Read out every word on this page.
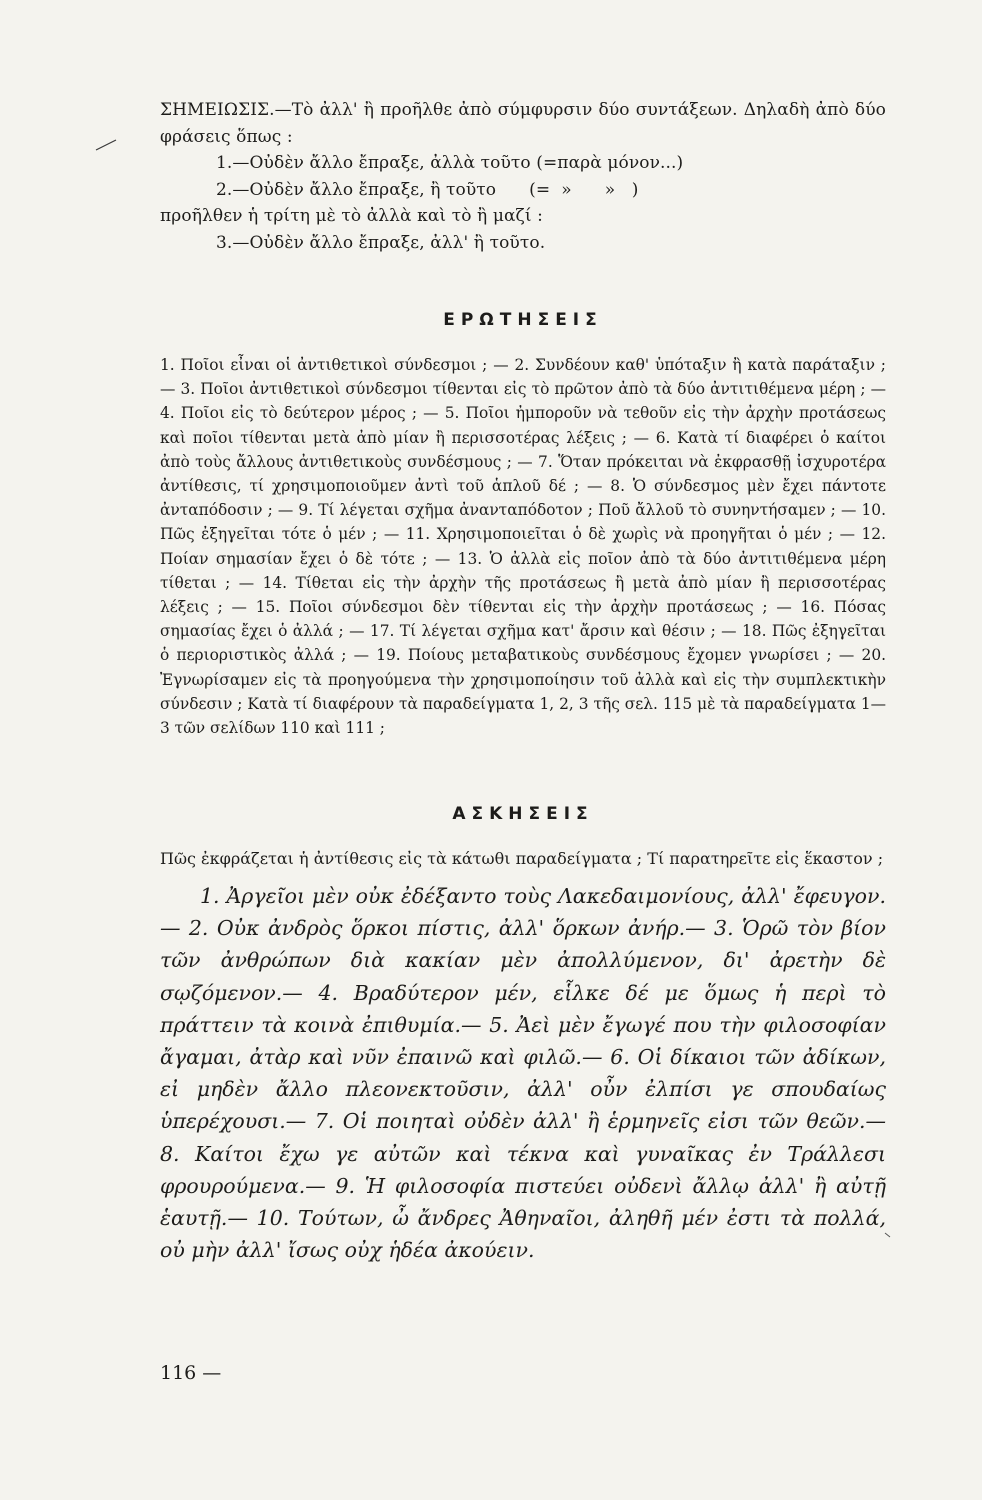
ΣΗΜΕΙΩΣΙΣ.—Τὸ ἀλλ' ἢ προῆλθε ἀπὸ σύμφυρσιν δύο συντάξεων. Δηλαδὴ ἀπὸ δύο φράσεις ὅπως :

1.—Οὐδὲν ἄλλο ἔπραξε, ἀλλὰ τοῦτο (=παρὰ μόνον...)

2.—Οὐδὲν ἄλλο ἔπραξε, ἢ τοῦτο      (=  »      »   )

προῆλθεν ἡ τρίτη μὲ τὸ ἀλλὰ καὶ τὸ ἢ μαζί :

3.—Οὐδὲν ἄλλο ἔπραξε, ἀλλ' ἢ τοῦτο.

ΕΡΩΤΗΣΕΙΣ

1. Ποῖοι εἶναι οἱ ἀντιθετικοὶ σύνδεσμοι ; — 2. Συνδέουν καθ' ὑπόταξιν ἢ κατὰ παράταξιν ; — 3. Ποῖοι ἀντιθετικοὶ σύνδεσμοι τίθενται εἰς τὸ πρῶτον ἀπὸ τὰ δύο ἀντιτιθέμενα μέρη ; — 4. Ποῖοι εἰς τὸ δεύτερον μέρος ; — 5. Ποῖοι ἠμποροῦν νὰ τεθοῦν εἰς τὴν ἀρχὴν προτάσεως καὶ ποῖοι τίθενται μετὰ ἀπὸ μίαν ἢ περισσοτέρας λέξεις ; — 6. Κατὰ τί διαφέρει ὁ καίτοι ἀπὸ τοὺς ἄλλους ἀντιθετικοὺς συνδέσμους ; — 7. Ὅταν πρόκειται νὰ ἐκφρασθῇ ἰσχυροτέρα ἀντίθεσις, τί χρησιμοποιοῦμεν ἀντὶ τοῦ ἁπλοῦ δέ ; — 8. Ὁ σύνδεσμος μὲν ἔχει πάντοτε ἀνταπόδοσιν ; — 9. Τί λέγεται σχῆμα ἀνανταπόδοτον ; Ποῦ ἄλλοῦ τὸ συνηντήσαμεν ; — 10. Πῶς ἐξηγεῖται τότε ὁ μέν ; — 11. Χρησιμοποιεῖται ὁ δὲ χωρὶς νὰ προηγῆται ὁ μέν ; — 12. Ποίαν σημασίαν ἔχει ὁ δὲ τότε ; — 13. Ὁ ἀλλὰ εἰς ποῖον ἀπὸ τὰ δύο ἀντιτιθέμενα μέρη τίθεται ; — 14. Τίθεται εἰς τὴν ἀρχὴν τῆς προτάσεως ἢ μετὰ ἀπὸ μίαν ἢ περισσοτέρας λέξεις ; — 15. Ποῖοι σύνδεσμοι δὲν τίθενται εἰς τὴν ἀρχὴν προτάσεως ; — 16. Πόσας σημασίας ἔχει ὁ ἀλλά ; — 17. Τί λέγεται σχῆμα κατ' ἄρσιν καὶ θέσιν ; — 18. Πῶς ἐξηγεῖται ὁ περιοριστικὸς ἀλλά ; — 19. Ποίους μεταβατικοὺς συνδέσμους ἔχομεν γνωρίσει ; — 20. Ἐγνωρίσαμεν εἰς τὰ προηγούμενα τὴν χρησιμοποίησιν τοῦ ἀλλὰ καὶ εἰς τὴν συμπλεκτικὴν σύνδεσιν ; Κατὰ τί διαφέρουν τὰ παραδείγματα 1, 2, 3 τῆς σελ. 115 μὲ τὰ παραδείγματα 1—3 τῶν σελίδων 110 καὶ 111 ;

ΑΣΚΗΣΕΙΣ

Πῶς ἐκφράζεται ἡ ἀντίθεσις εἰς τὰ κάτωθι παραδείγματα ; Τί παρατηρεῖτε εἰς ἕκαστον ;

1. Ἀργεῖοι μὲν οὐκ ἐδέξαντο τοὺς Λακεδαιμονίους, ἀλλ' ἔφευγον.— 2. Οὐκ ἀνδρὸς ὅρκοι πίστις, ἀλλ' ὅρκων ἀνήρ.— 3. Ὁρῶ τὸν βίον τῶν ἀνθρώπων διὰ κακίαν μὲν ἀπολλύμενον, δι' ἀρετὴν δὲ σῳζόμενον.— 4. Βραδύτερον μέν, εἷλκε δέ με ὅμως ἡ περὶ τὸ πράττειν τὰ κοινὰ ἐπιθυμία.— 5. Ἀεὶ μὲν ἔγωγέ που τὴν φιλοσοφίαν ἄγαμαι, ἀτὰρ καὶ νῦν ἐπαινῶ καὶ φιλῶ.— 6. Οἱ δίκαιοι τῶν ἀδίκων, εἰ μηδὲν ἄλλο πλεονεκτοῦσιν, ἀλλ' οὖν ἐλπίσι γε σπουδαίως ὑπερέχουσι.— 7. Οἱ ποιηταὶ οὐδὲν ἀλλ' ἢ ἑρμηνεῖς εἰσι τῶν θεῶν.— 8. Καίτοι ἔχω γε αὐτῶν καὶ τέκνα καὶ γυναῖκας ἐν Τράλλεσι φρουρούμενα.— 9. Ἡ φιλοσοφία πιστεύει οὐδενὶ ἄλλῳ ἀλλ' ἢ αὐτῇ ἑαυτῇ.— 10. Τούτων, ὦ ἄνδρες Ἀθηναῖοι, ἀληθῆ μέν ἐστι τὰ πολλά, οὐ μὴν ἀλλ' ἴσως οὐχ ἡδέα ἀκούειν.

116 —
